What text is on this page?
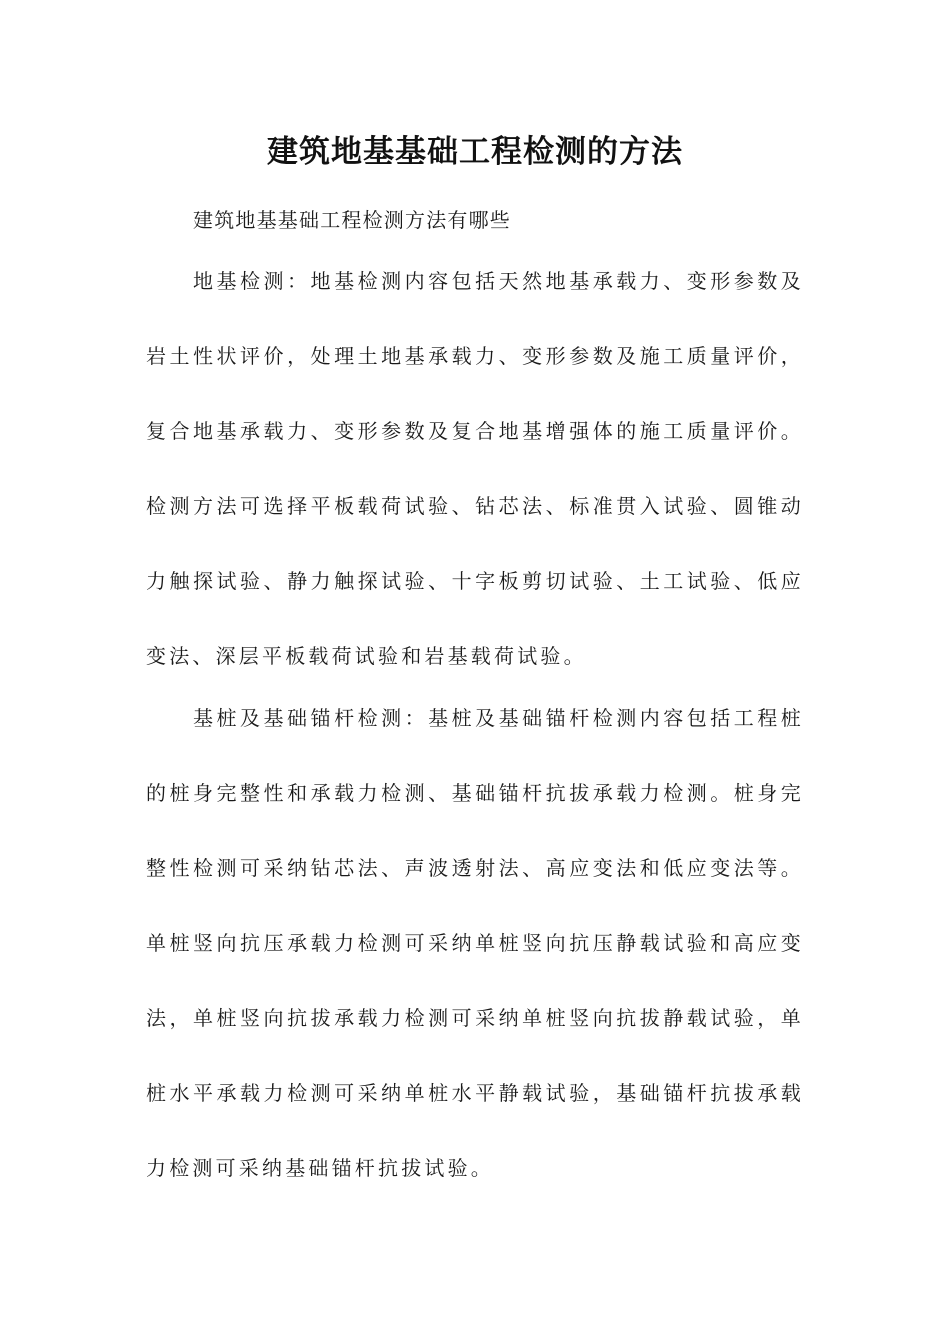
建筑地基基础工程检测的方法

建筑地基基础工程检测方法有哪些

地基检测：地基检测内容包括天然地基承载力、变形参数及岩土性状评价，处理土地基承载力、变形参数及施工质量评价，复合地基承载力、变形参数及复合地基增强体的施工质量评价。检测方法可选择平板载荷试验、钻芯法、标准贯入试验、圆锥动力触探试验、静力触探试验、十字板剪切试验、土工试验、低应变法、深层平板载荷试验和岩基载荷试验。

基桩及基础锚杆检测：基桩及基础锚杆检测内容包括工程桩的桩身完整性和承载力检测、基础锚杆抗拔承载力检测。桩身完整性检测可采纳钻芯法、声波透射法、高应变法和低应变法等。单桩竖向抗压承载力检测可采纳单桩竖向抗压静载试验和高应变法，单桩竖向抗拔承载力检测可采纳单桩竖向抗拔静载试验，单桩水平承载力检测可采纳单桩水平静载试验，基础锚杆抗拔承载力检测可采纳基础锚杆抗拔试验。
